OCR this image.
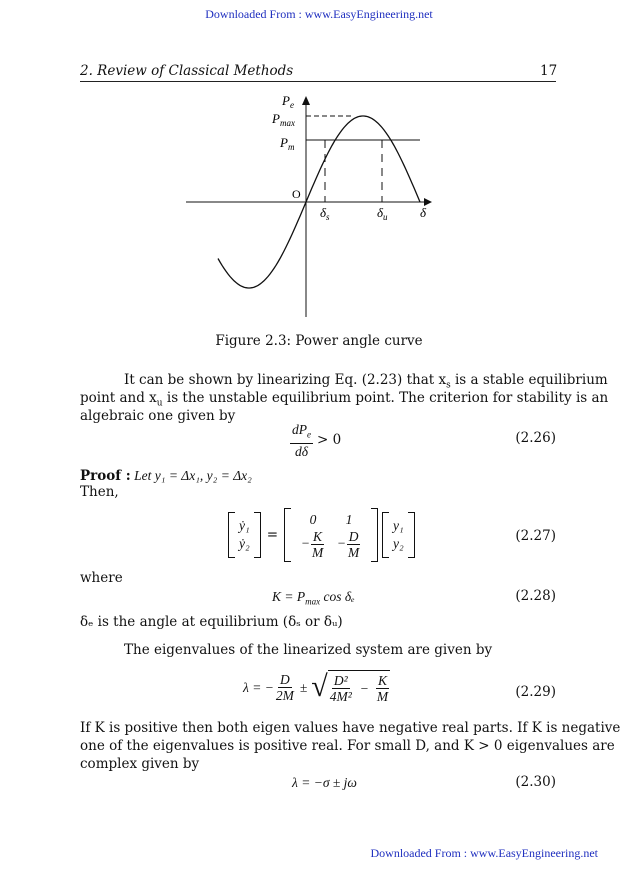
Downloaded From : www.EasyEngineering.net
2. Review of Classical Methods	17
$P_e$
$P_{max}$
$P_m$
O
$\delta_s$	$\delta_u$ δ
Figure 2.3: Power angle curve
It can be shown by linearizing Eq. (2.23) that $x_s$ is a stable equilibrium
point and $x_u$ is the unstable equilibrium point. The criterion for stability is an
algebraic one given by
$\frac{dP_e}{d\delta} > 0$	(2.26)
Proof : Let y₁ = Δx₁, y₂ = Δx₂
Then,
ẏ₁
ẏ₂
=
0	1
− $\frac{K}{M} - \frac{D}{M}$
y₁
y₂	(2.27)
where
$K = P_{max}$ cos δₑ	(2.28)
δₑ is the angle at equilibrium (δₛ or δᵤ)
The eigenvalues of the linearized system are given by
λ = − $\frac{D}{2M}$ ± √ $\frac{\text{D²}}{\text{4M²}} - \frac{K}{M}$	(2.29)
If K is positive then both eigen values have negative real parts. If K is negative
one of the eigenvalues is positive real. For small D, and K > 0 eigenvalues are
complex given by
λ = −σ ± jω	(2.30)
Downloaded From : www.EasyEngineering.net
